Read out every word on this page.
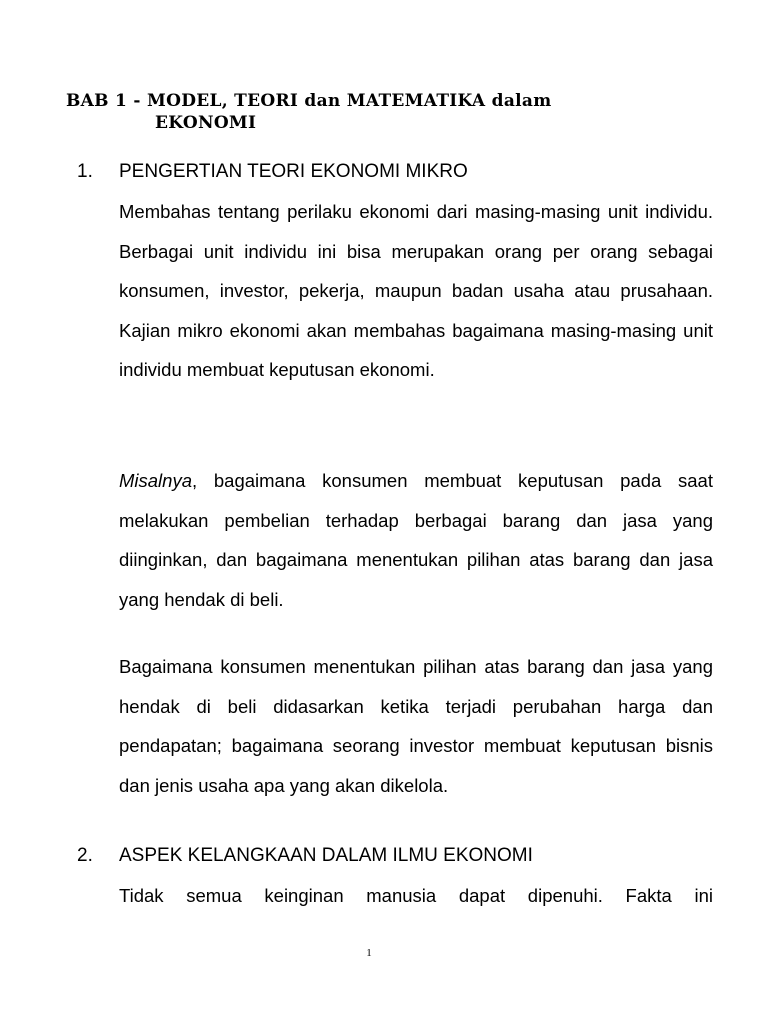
BAB 1 - MODEL, TEORI dan MATEMATIKA dalam
EKONOMI
1. PENGERTIAN TEORI EKONOMI MIKRO

Membahas tentang perilaku ekonomi dari masing-masing unit individu. Berbagai unit individu ini bisa merupakan orang per orang sebagai konsumen, investor, pekerja, maupun badan usaha atau prusahaan. Kajian mikro ekonomi akan membahas bagaimana masing-masing unit individu membuat keputusan ekonomi.

Misalnya, bagaimana konsumen membuat keputusan pada saat melakukan pembelian terhadap berbagai barang dan jasa yang diinginkan, dan bagaimana menentukan pilihan atas barang dan jasa yang hendak di beli.

Bagaimana konsumen menentukan pilihan atas barang dan jasa yang hendak di beli didasarkan ketika terjadi perubahan harga dan pendapatan; bagaimana seorang investor membuat keputusan bisnis dan jenis usaha apa yang akan dikelola.

2. ASPEK KELANGKAAN DALAM ILMU EKONOMI

Tidak semua keinginan manusia dapat dipenuhi. Fakta ini

1
